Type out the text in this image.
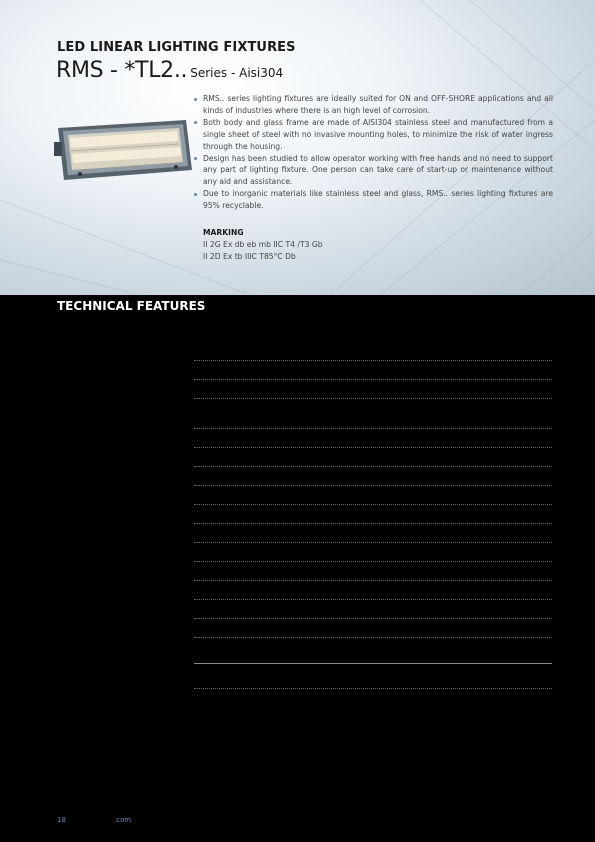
LED LINEAR LIGHTING FIXTURES
RMS - *TL2.. Series - Aisi304
RMS.. series lighting fixtures are ideally suited for ON and OFF-SHORE applications and all kinds of industries where there is an high level of corrosion.
Both body and glass frame are made of AISI304 stainless steel and manufactured from a single sheet of steel with no invasive mounting holes, to minimize the risk of water ingress through the housing.
Design has been studied to allow operator working with free hands and no need to support any part of lighting fixture. One person can take care of start-up or maintenance without any aid and assistance.
Due to inorganic materials like stainless steel and glass, RMS.. series lighting fixtures are 95% recyclable.
MARKING
II 2G Ex db eb mb IIC T4 /T3 Gb
II 2D Ex tb IIIC T85°C Db
TECHNICAL FEATURES
18	.com
